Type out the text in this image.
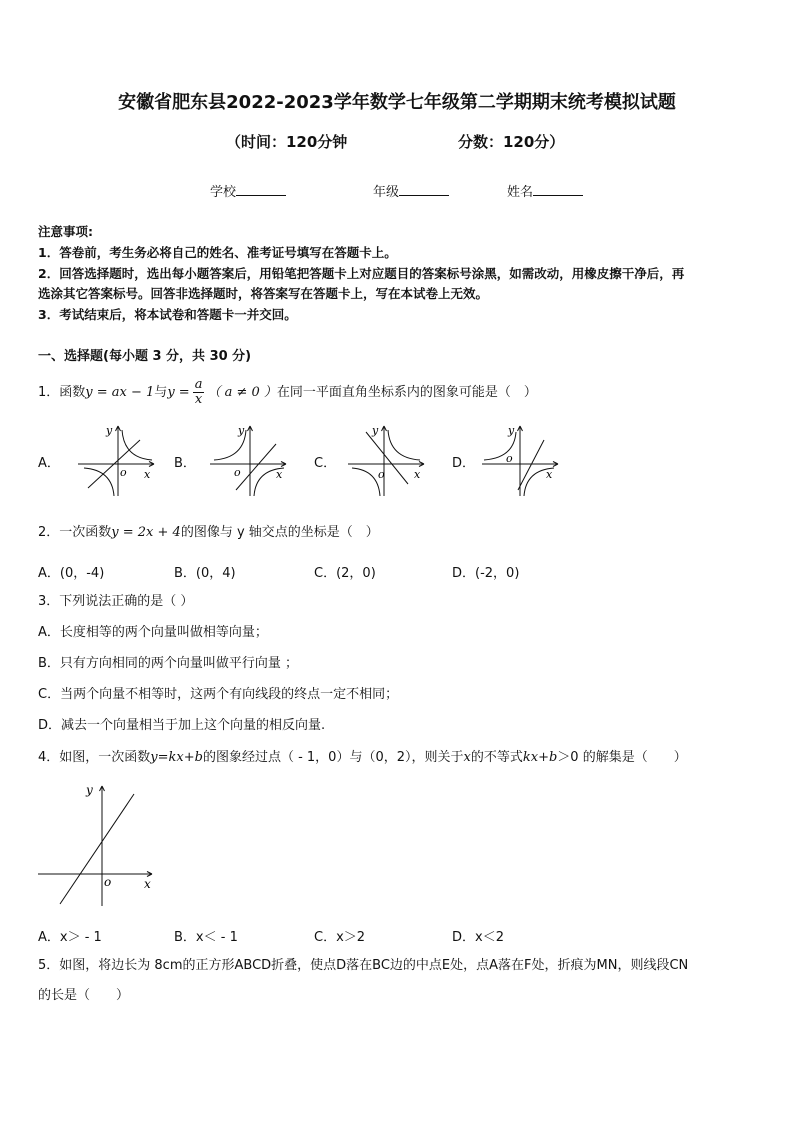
安徽省肥东县2022-2023学年数学七年级第二学期期末统考模拟试题
（时间：120分钟	分数：120分）
学校	年级	姓名
注意事项:
1．答卷前，考生务必将自己的姓名、准考证号填写在答题卡上。
2．回答选择题时，选出每小题答案后，用铅笔把答题卡上对应题目的答案标号涂黑，如需改动，用橡皮擦干净后，再
选涂其它答案标号。回答非选择题时，将答案写在答题卡上，写在本试卷上无效。
3．考试结束后，将本试卷和答题卡一并交回。
一、选择题(每小题 3 分，共 30 分)
1．函数y = ax − 1与$y = \frac{a}{x}$ （ a ≠ 0 ）在同一平面直角坐标系内的图象可能是（　）
A．	B．	C．	D．
y
o x
y
o	x
y
o	x
y
o
x
2．一次函数y = 2x + 4的图像与 y 轴交点的坐标是（　）
A．(0，-4)	B．(0，4)	C．(2，0)	D．(-2，0)
3．下列说法正确的是（ ）
A．长度相等的两个向量叫做相等向量；
B．只有方向相同的两个向量叫做平行向量 ；
C．当两个向量不相等时，这两个有向线段的终点一定不相同；
D．减去一个向量相当于加上这个向量的相反向量.
4．如图，一次函数y=kx+b的图象经过点（ - 1，0）与（0，2），则关于x的不等式kx+b＞0 的解集是（　　）
y
o	x
A．x＞ - 1	B．x＜ - 1	C．x＞2	D．x＜2
5．如图，将边长为 8cm的正方形ABCD折叠，使点D落在BC边的中点E处，点A落在F处，折痕为MN，则线段CN
的长是（　　）
